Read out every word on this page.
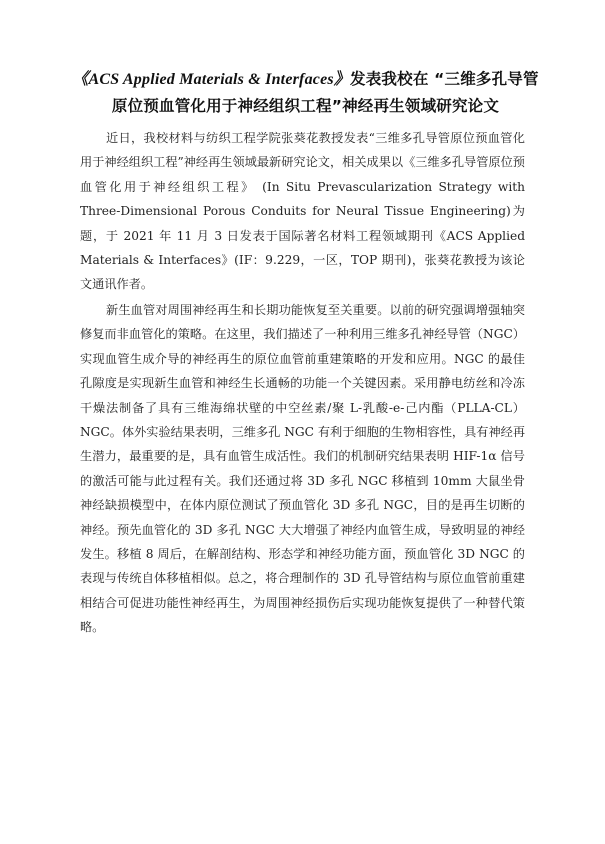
《ACS Applied Materials & Interfaces》发表我校在 “三维多孔导管原位预血管化用于神经组织工程”神经再生领域研究论文

近日，我校材料与纺织工程学院张葵花教授发表“三维多孔导管原位预血管化用于神经组织工程”神经再生领域最新研究论文，相关成果以《三维多孔导管原位预血管化用于神经组织工程》 (In Situ Prevascularization Strategy with Three-Dimensional Porous Conduits for Neural Tissue Engineering)为题，于 2021 年 11 月 3 日发表于国际著名材料工程领域期刊《ACS Applied Materials & Interfaces》(IF：9.229，一区，TOP 期刊)，张葵花教授为该论文通讯作者。

新生血管对周围神经再生和长期功能恢复至关重要。以前的研究强调增强轴突修复而非血管化的策略。在这里，我们描述了一种利用三维多孔神经导管（NGC）实现血管生成介导的神经再生的原位血管前重建策略的开发和应用。NGC 的最佳孔隙度是实现新生血管和神经生长通畅的功能一个关键因素。采用静电纺丝和冷冻干燥法制备了具有三维海绵状壁的中空丝素/聚 L-乳酸-e-己内酯（PLLA-CL）NGC。体外实验结果表明，三维多孔 NGC 有利于细胞的生物相容性，具有神经再生潜力，最重要的是，具有血管生成活性。我们的机制研究结果表明 HIF-1α 信号的激活可能与此过程有关。我们还通过将 3D 多孔 NGC 移植到 10mm 大鼠坐骨神经缺损模型中，在体内原位测试了预血管化 3D 多孔 NGC，目的是再生切断的神经。预先血管化的 3D 多孔 NGC 大大增强了神经内血管生成，导致明显的神经发生。移植 8 周后，在解剖结构、形态学和神经功能方面，预血管化 3D NGC 的表现与传统自体移植相似。总之，将合理制作的 3D 孔导管结构与原位血管前重建相结合可促进功能性神经再生，为周围神经损伤后实现功能恢复提供了一种替代策略。
